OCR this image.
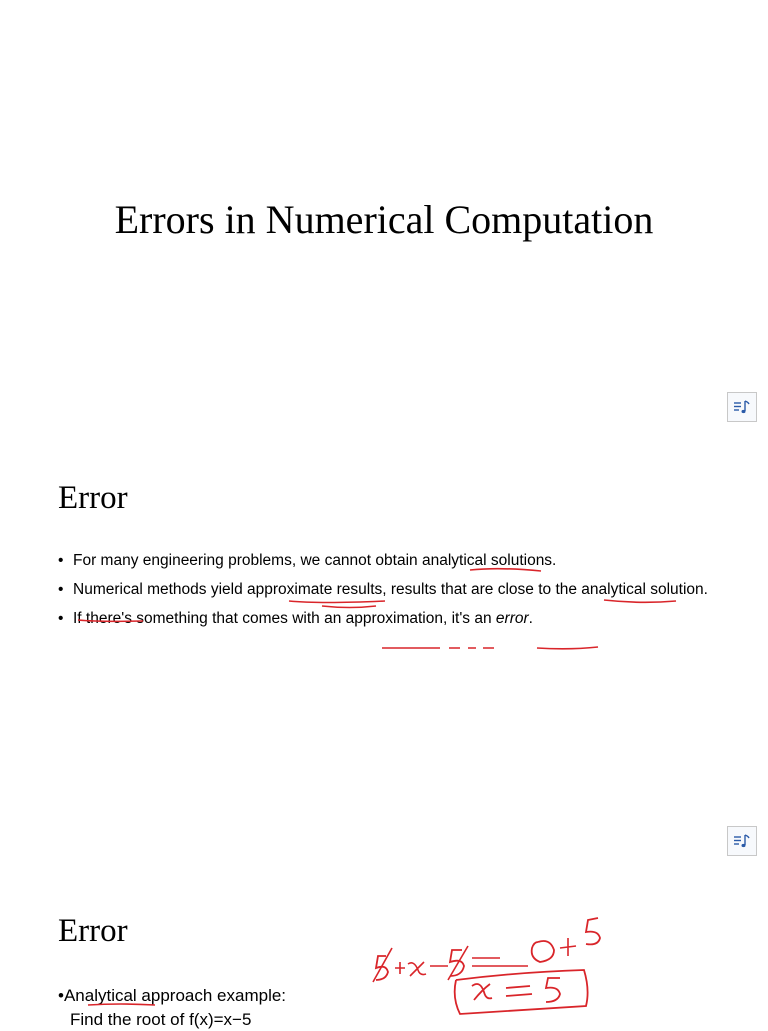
Errors in Numerical Computation
Error
• For many engineering problems, we cannot obtain analytical solutions.
• Numerical methods yield approximate results, results that are close to the analytical solution.
• If there's something that comes with an approximation, it's an error.
Error
•Analytical approach example:
Find the root of f(x)=x−5
